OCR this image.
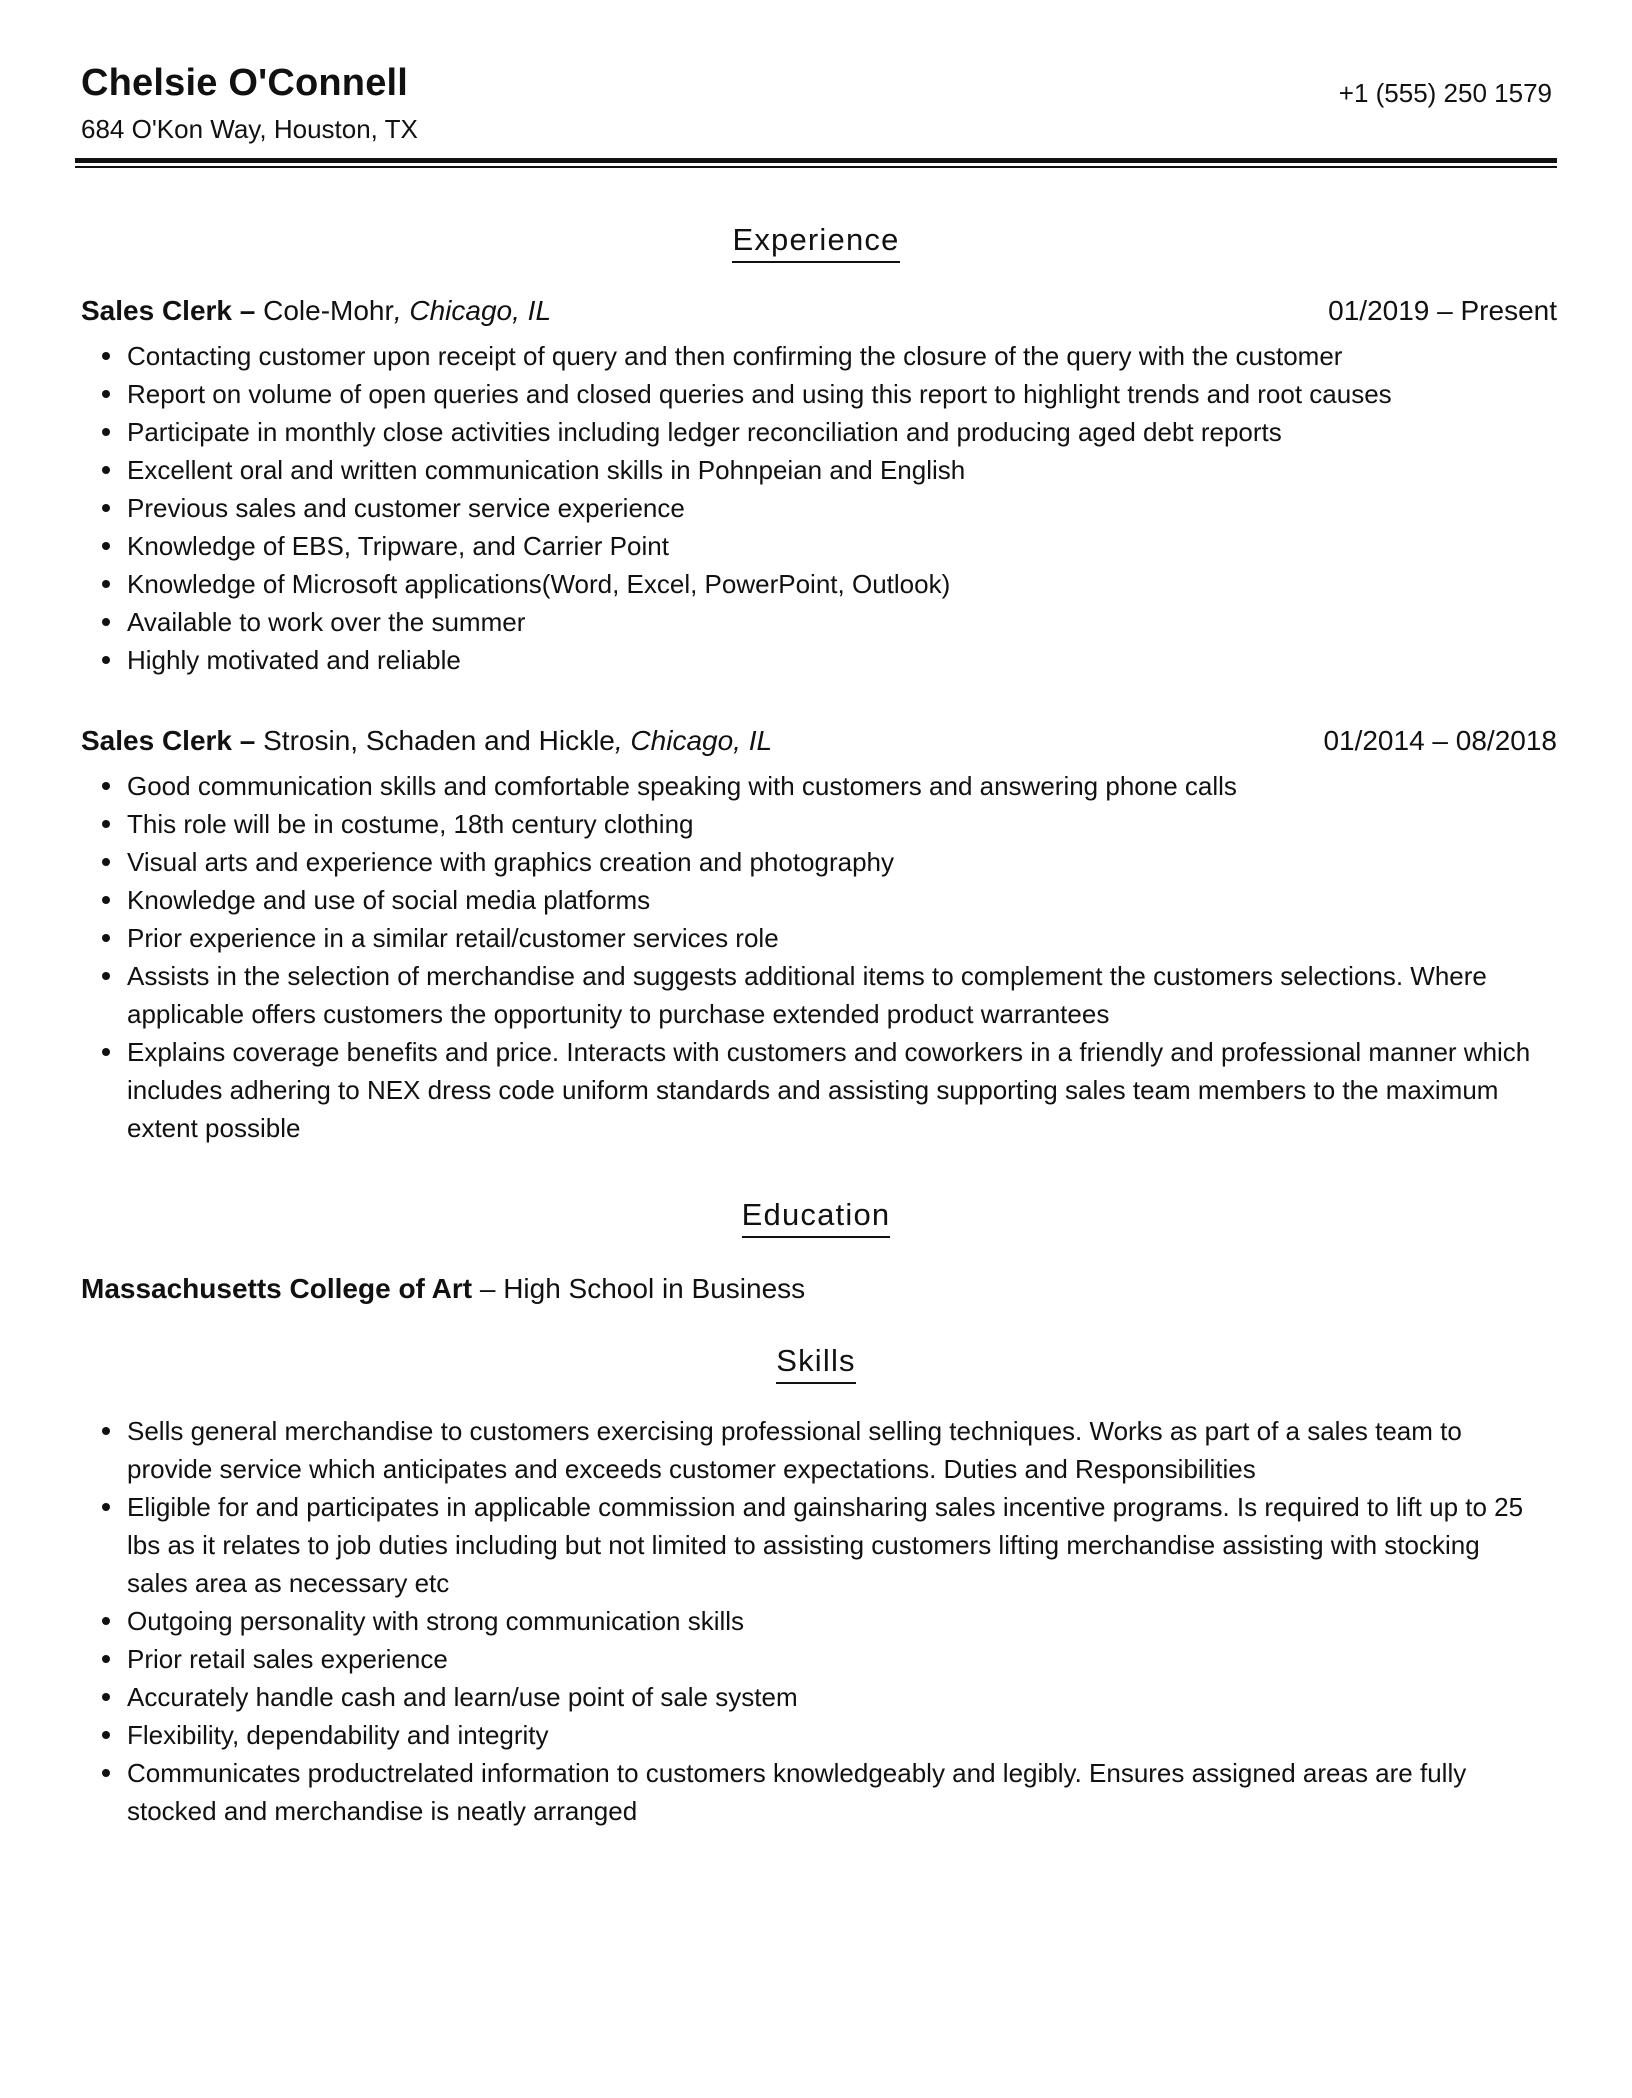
Chelsie O'Connell
684 O'Kon Way, Houston, TX
+1 (555) 250 1579
Experience
Sales Clerk – Cole-Mohr, Chicago, IL	01/2019 – Present
Contacting customer upon receipt of query and then confirming the closure of the query with the customer
Report on volume of open queries and closed queries and using this report to highlight trends and root causes
Participate in monthly close activities including ledger reconciliation and producing aged debt reports
Excellent oral and written communication skills in Pohnpeian and English
Previous sales and customer service experience
Knowledge of EBS, Tripware, and Carrier Point
Knowledge of Microsoft applications(Word, Excel, PowerPoint, Outlook)
Available to work over the summer
Highly motivated and reliable
Sales Clerk – Strosin, Schaden and Hickle, Chicago, IL	01/2014 – 08/2018
Good communication skills and comfortable speaking with customers and answering phone calls
This role will be in costume, 18th century clothing
Visual arts and experience with graphics creation and photography
Knowledge and use of social media platforms
Prior experience in a similar retail/customer services role
Assists in the selection of merchandise and suggests additional items to complement the customers selections. Where applicable offers customers the opportunity to purchase extended product warrantees
Explains coverage benefits and price. Interacts with customers and coworkers in a friendly and professional manner which includes adhering to NEX dress code uniform standards and assisting supporting sales team members to the maximum extent possible
Education
Massachusetts College of Art – High School in Business
Skills
Sells general merchandise to customers exercising professional selling techniques. Works as part of a sales team to provide service which anticipates and exceeds customer expectations. Duties and Responsibilities
Eligible for and participates in applicable commission and gainsharing sales incentive programs. Is required to lift up to 25 lbs as it relates to job duties including but not limited to assisting customers lifting merchandise assisting with stocking sales area as necessary etc
Outgoing personality with strong communication skills
Prior retail sales experience
Accurately handle cash and learn/use point of sale system
Flexibility, dependability and integrity
Communicates productrelated information to customers knowledgeably and legibly. Ensures assigned areas are fully stocked and merchandise is neatly arranged
